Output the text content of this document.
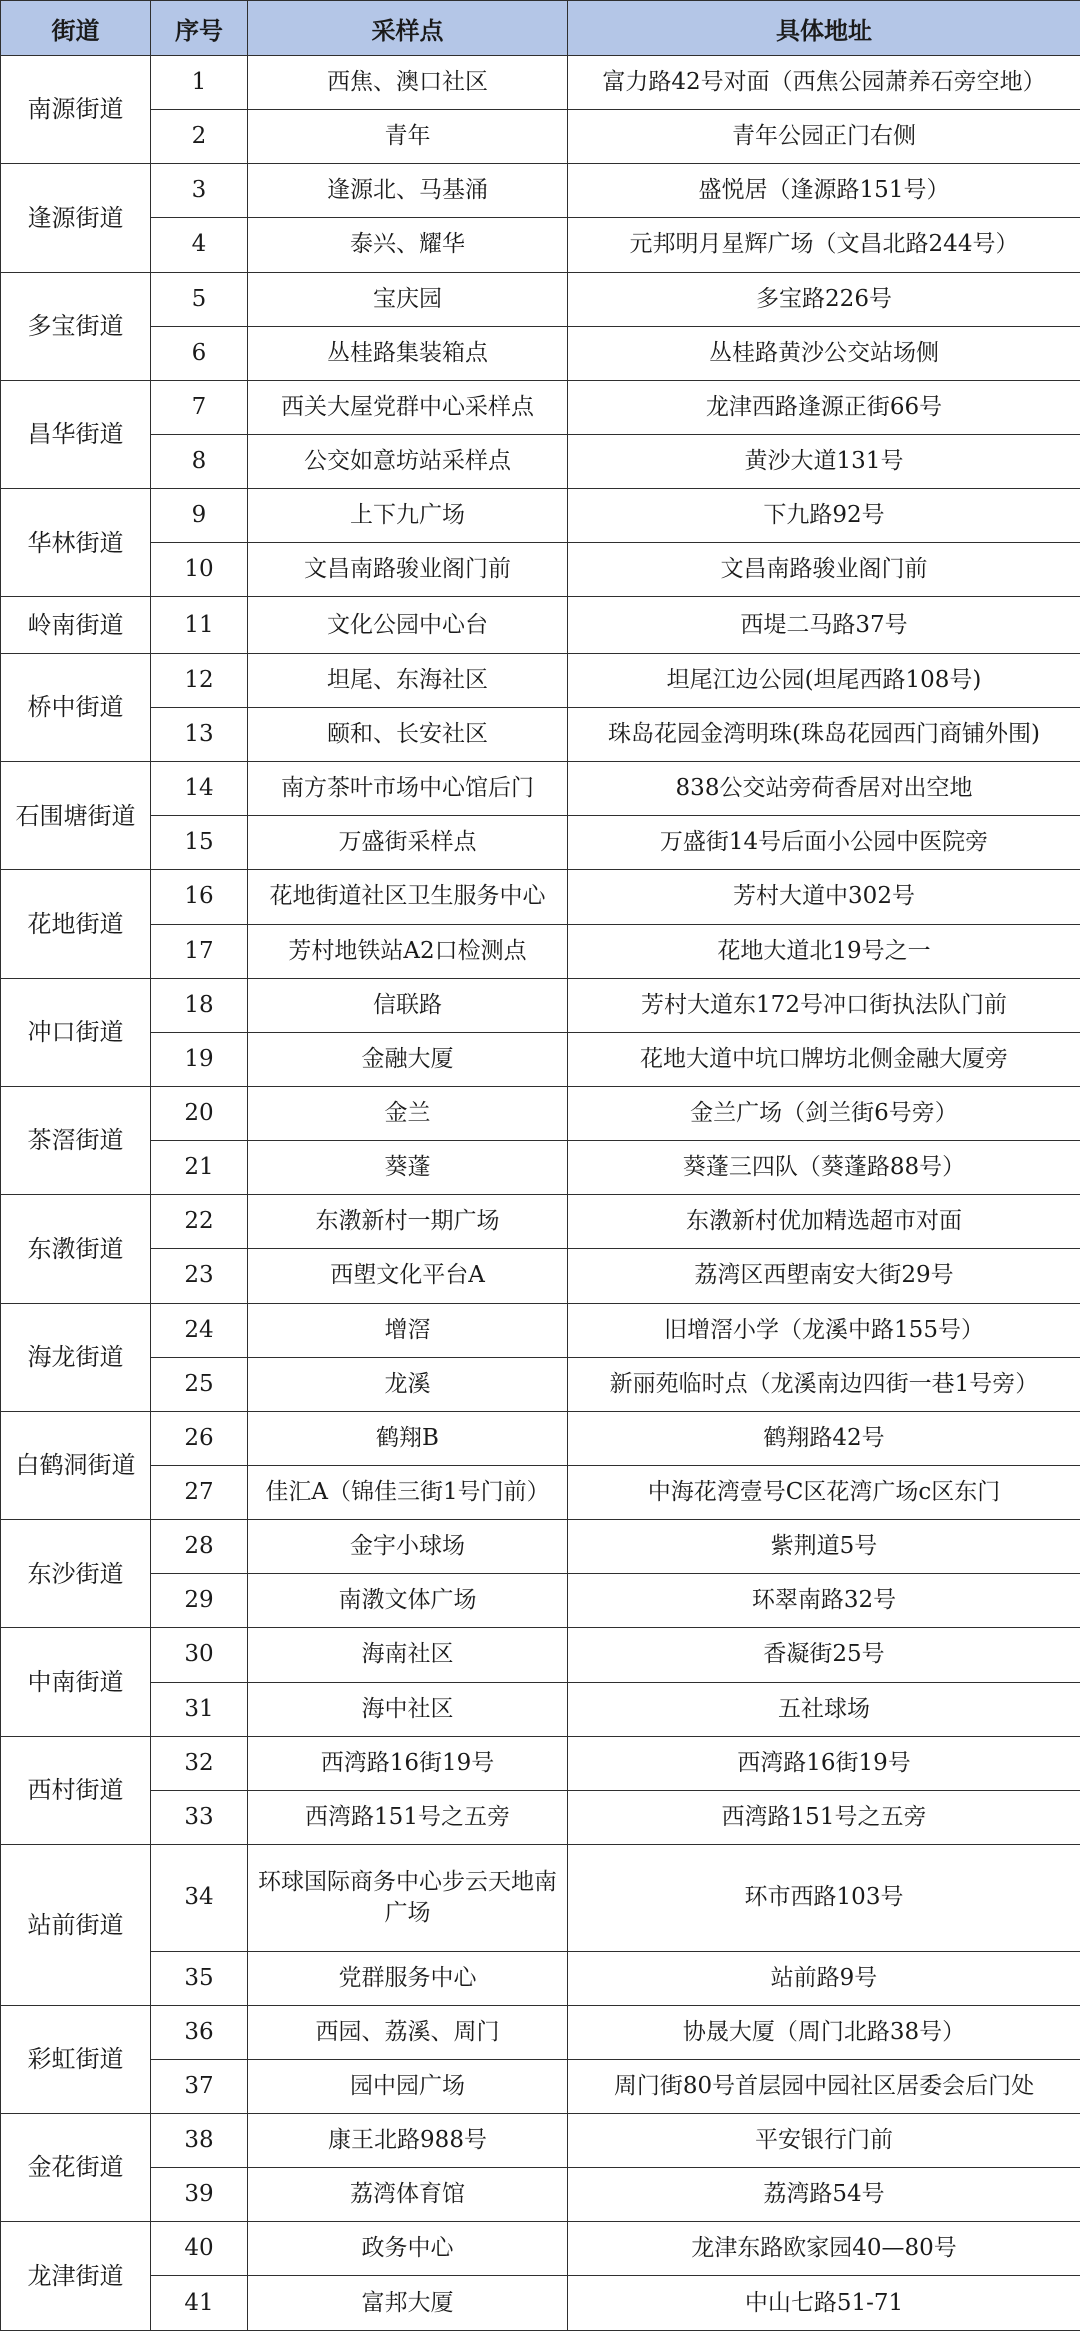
街道	序号	采样点	具体地址
南源街道	1	西焦、澳口社区	富力路42号对面（西焦公园萧养石旁空地）
	2	青年	青年公园正门右侧
逢源街道	3	逢源北、马基涌	盛悦居（逢源路151号）
	4	泰兴、耀华	元邦明月星辉广场（文昌北路244号）
多宝街道	5	宝庆园	多宝路226号
	6	丛桂路集装箱点	丛桂路黄沙公交站场侧
昌华街道	7	西关大屋党群中心采样点	龙津西路逢源正街66号
	8	公交如意坊站采样点	黄沙大道131号
华林街道	9	上下九广场	下九路92号
	10	文昌南路骏业阁门前	文昌南路骏业阁门前
岭南街道	11	文化公园中心台	西堤二马路37号
桥中街道	12	坦尾、东海社区	坦尾江边公园(坦尾西路108号)
	13	颐和、长安社区	珠岛花园金湾明珠(珠岛花园西门商铺外围)
石围塘街道	14	南方茶叶市场中心馆后门	838公交站旁荷香居对出空地
	15	万盛街采样点	万盛街14号后面小公园中医院旁
花地街道	16	花地街道社区卫生服务中心	芳村大道中302号
	17	芳村地铁站A2口检测点	花地大道北19号之一
冲口街道	18	信联路	芳村大道东172号冲口街执法队门前
	19	金融大厦	花地大道中坑口牌坊北侧金融大厦旁
茶滘街道	20	金兰	金兰广场（剑兰街6号旁）
	21	葵蓬	葵蓬三四队（葵蓬路88号）
东漖街道	22	东漖新村一期广场	东漖新村优加精选超市对面
	23	西塱文化平台A	荔湾区西塱南安大街29号
海龙街道	24	增滘	旧增滘小学（龙溪中路155号）
	25	龙溪	新丽苑临时点（龙溪南边四街一巷1号旁）
白鹤洞街道	26	鹤翔B	鹤翔路42号
	27	佳汇A（锦佳三街1号门前）	中海花湾壹号C区花湾广场c区东门
东沙街道	28	金宇小球场	紫荆道5号
	29	南漖文体广场	环翠南路32号
中南街道	30	海南社区	香凝街25号
	31	海中社区	五社球场
西村街道	32	西湾路16街19号	西湾路16街19号
	33	西湾路151号之五旁	西湾路151号之五旁
站前街道	34	环球国际商务中心步云天地南广场	环市西路103号
	35	党群服务中心	站前路9号
彩虹街道	36	西园、荔溪、周门	协晟大厦（周门北路38号）
	37	园中园广场	周门街80号首层园中园社区居委会后门处
金花街道	38	康王北路988号	平安银行门前
	39	荔湾体育馆	荔湾路54号
龙津街道	40	政务中心	龙津东路欧家园40—80号
	41	富邦大厦	中山七路51-71
